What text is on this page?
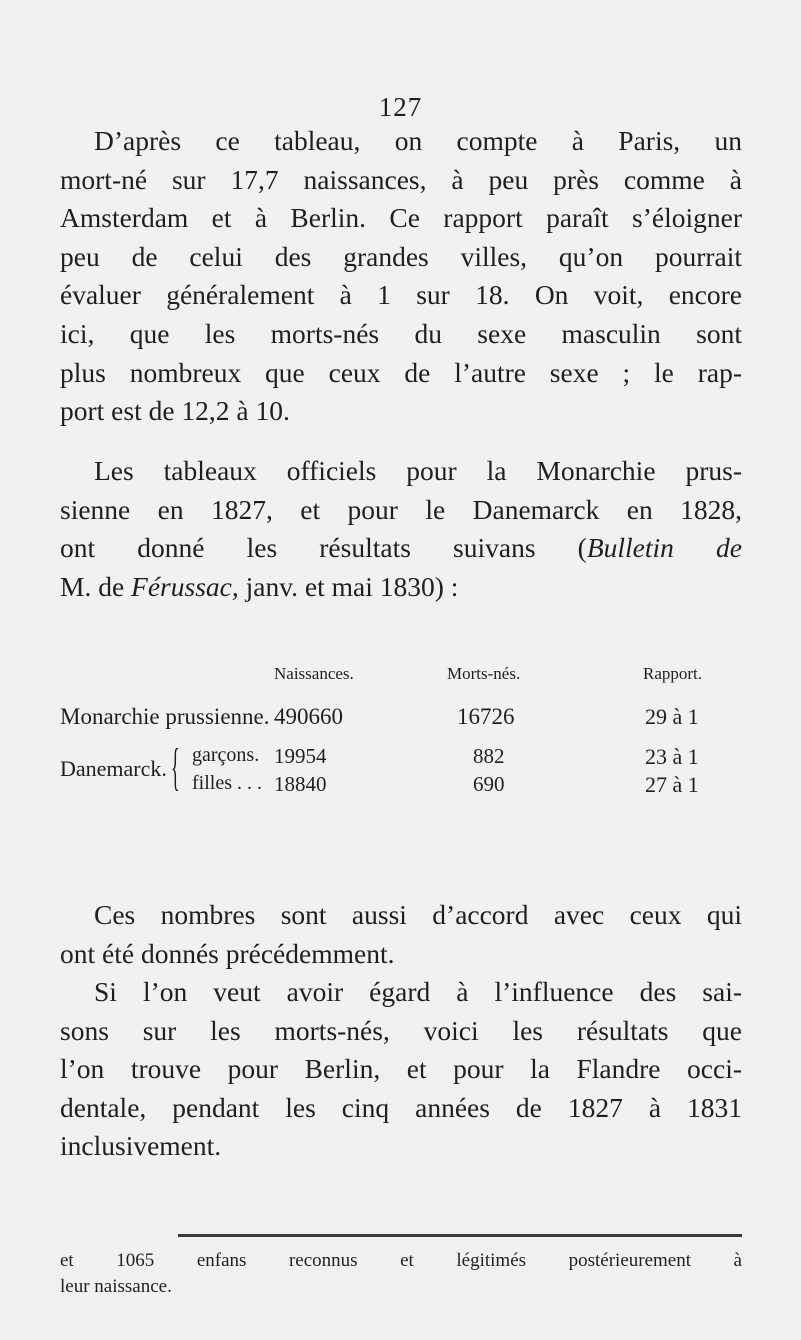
127
D’après ce tableau, on compte à Paris, un
mort-né sur 17,7 naissances, à peu près comme à
Amsterdam et à Berlin. Ce rapport paraît s’éloigner
peu de celui des grandes villes, qu’on pourrait
évaluer généralement à 1 sur 18. On voit, encore
ici, que les morts-nés du sexe masculin sont
plus nombreux que ceux de l’autre sexe ; le rap-
port est de 12,2 à 10.
Les tableaux officiels pour la Monarchie prus-
sienne en 1827, et pour le Danemarck en 1828,
ont donné les résultats suivans (Bulletin de
M. de Férussac, janv. et mai 1830) :
Naissances.	Morts-nés.	Rapport.
Monarchie prussienne. 490660	16726	29 à 1
Danemarck. { garçons. 19954	882	23 à 1
filles . . . 18840	690	27 à 1
Ces nombres sont aussi d’accord avec ceux qui
ont été donnés précédemment.
Si l’on veut avoir égard à l’influence des sai-
sons sur les morts-nés, voici les résultats que
l’on trouve pour Berlin, et pour la Flandre occi-
dentale, pendant les cinq années de 1827 à 1831
inclusivement.
et 1065 enfans reconnus et légitimés postérieurement à
leur naissance.
